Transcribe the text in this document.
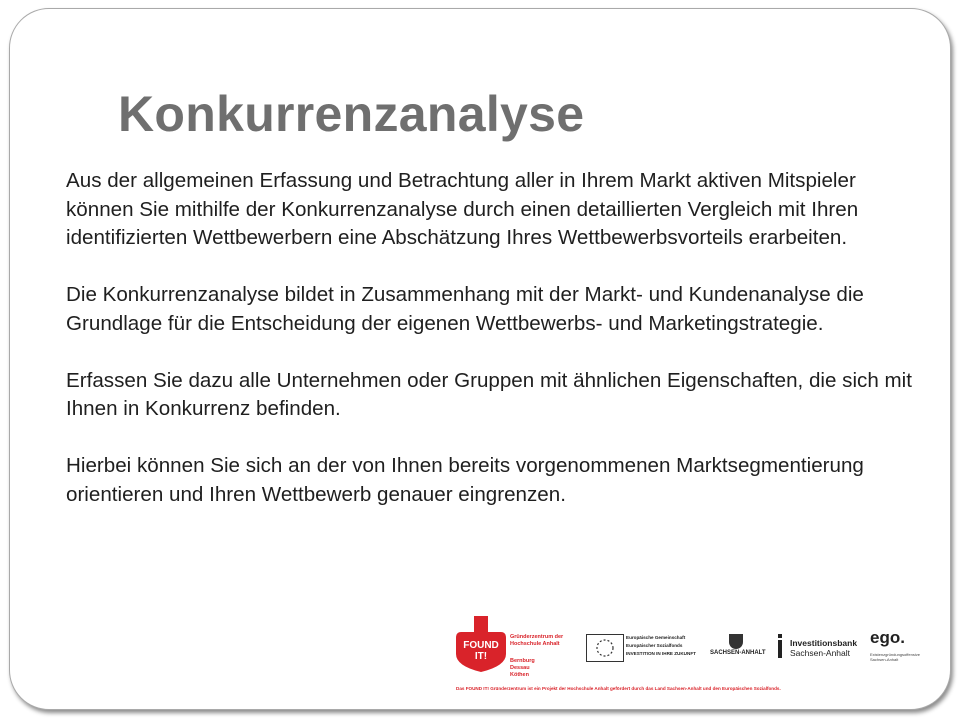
Konkurrenzanalyse

Aus der allgemeinen Erfassung und Betrachtung aller in Ihrem Markt aktiven Mitspieler können Sie mithilfe der Konkurrenzanalyse durch einen detaillierten Vergleich mit Ihren identifizierten Wettbewerbern eine Abschätzung Ihres Wettbewerbsvorteils erarbeiten.

Die Konkurrenzanalyse bildet in Zusammenhang mit der Markt- und Kundenanalyse die Grundlage für die Entscheidung der eigenen Wettbewerbs- und Marketingstrategie.

Erfassen Sie dazu alle Unternehmen oder Gruppen mit ähnlichen Eigenschaften, die sich mit Ihnen in Konkurrenz befinden.

Hierbei können Sie sich an der von Ihnen bereits vorgenommenen Marktsegmentierung orientieren und Ihren Wettbewerb genauer eingrenzen.

FOUND
IT!
Gründerzentrum der
Hochschule Anhalt
Bernburg
Dessau
Köthen
Europäische Gemeinschaft
Europäischer Sozialfonds
INVESTITION IN IHRE ZUKUNFT SACHSEN-ANHALT
Investitionsbank
Sachsen-Anhalt
ego.
Existenzgründungsoffensive
Sachsen-Anhalt
Das FOUND IT! Gründerzentrum ist ein Projekt der Hochschule Anhalt gefördert durch das Land Sachsen-Anhalt und den Europäischen Sozialfonds.
